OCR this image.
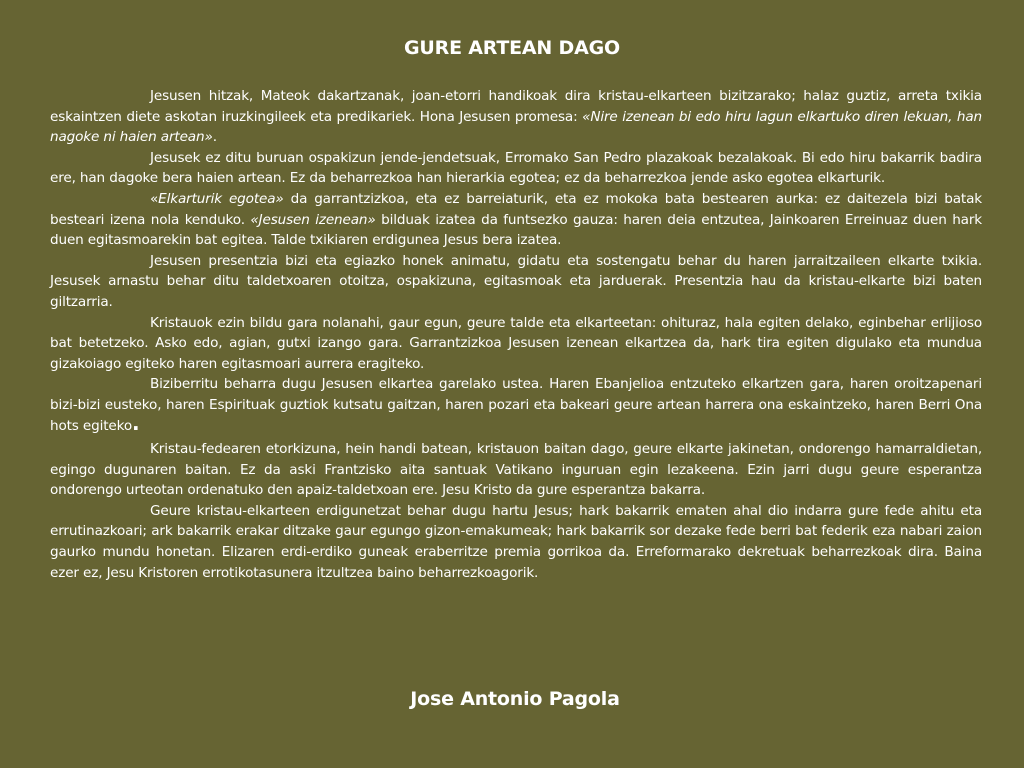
GURE ARTEAN DAGO

Jesusen hitzak, Mateok dakartzanak, joan-etorri handikoak dira kristau-elkarteen bizitzarako; halaz guztiz, arreta txikia eskaintzen diete askotan iruzkingileek eta predikariek. Hona Jesusen promesa: «Nire izenean bi edo hiru lagun elkartuko diren lekuan, han nagoke ni haien artean».

Jesusek ez ditu buruan ospakizun jende-jendetsuak, Erromako San Pedro plazakoak bezalakoak. Bi edo hiru bakarrik badira ere, han dagoke bera haien artean. Ez da beharrezkoa han hierarkia egotea; ez da beharrezkoa jende asko egotea elkarturik.

«Elkarturik egotea» da garrantzizkoa, eta ez barreiaturik, eta ez mokoka bata bestearen aurka: ez daitezela bizi batak besteari izena nola kenduko. «Jesusen izenean» bilduak izatea da funtsezko gauza: haren deia entzutea, Jainkoaren Erreinuaz duen hark duen egitasmoarekin bat egitea. Talde txikiaren erdigunea Jesus bera izatea.

Jesusen presentzia bizi eta egiazko honek animatu, gidatu eta sostengatu behar du haren jarraitzaileen elkarte txikia. Jesusek arnastu behar ditu taldetxoaren otoitza, ospakizuna, egitasmoak eta jarduerak. Presentzia hau da kristau-elkarte bizi baten giltzarria.

Kristauok ezin bildu gara nolanahi, gaur egun, geure talde eta elkarteetan: ohituraz, hala egiten delako, eginbehar erlijioso bat betetzeko. Asko edo, agian, gutxi izango gara. Garrantzizkoa Jesusen izenean elkartzea da, hark tira egiten digulako eta mundua gizakoiago egiteko haren egitasmoari aurrera eragiteko.

Biziberritu beharra dugu Jesusen elkartea garelako ustea. Haren Ebanjelioa entzuteko elkartzen gara, haren oroitzapenari bizi-bizi eusteko, haren Espirituak guztiok kutsatu gaitzan, haren pozari eta bakeari geure artean harrera ona eskaintzeko, haren Berri Ona hots egiteko.

Kristau-fedearen etorkizuna, hein handi batean, kristauon baitan dago, geure elkarte jakinetan, ondorengo hamarraldietan, egingo dugunaren baitan. Ez da aski Frantzisko aita santuak Vatikano inguruan egin lezakeena. Ezin jarri dugu geure esperantza ondorengo urteotan ordenatuko den apaiz-taldetxoan ere. Jesu Kristo da gure esperantza bakarra.

Geure kristau-elkarteen erdigunetzat behar dugu hartu Jesus; hark bakarrik ematen ahal dio indarra gure fede ahitu eta errutinazkoari; ark bakarrik erakar ditzake gaur egungo gizon-emakumeak; hark bakarrik sor dezake fede berri bat federik eza nabari zaion gaurko mundu honetan. Elizaren erdi-erdiko guneak eraberritze premia gorrikoa da. Erreformarako dekretuak beharrezkoak dira. Baina ezer ez, Jesu Kristoren errotikotasunera itzultzea baino beharrezkoagorik.

Jose Antonio Pagola
